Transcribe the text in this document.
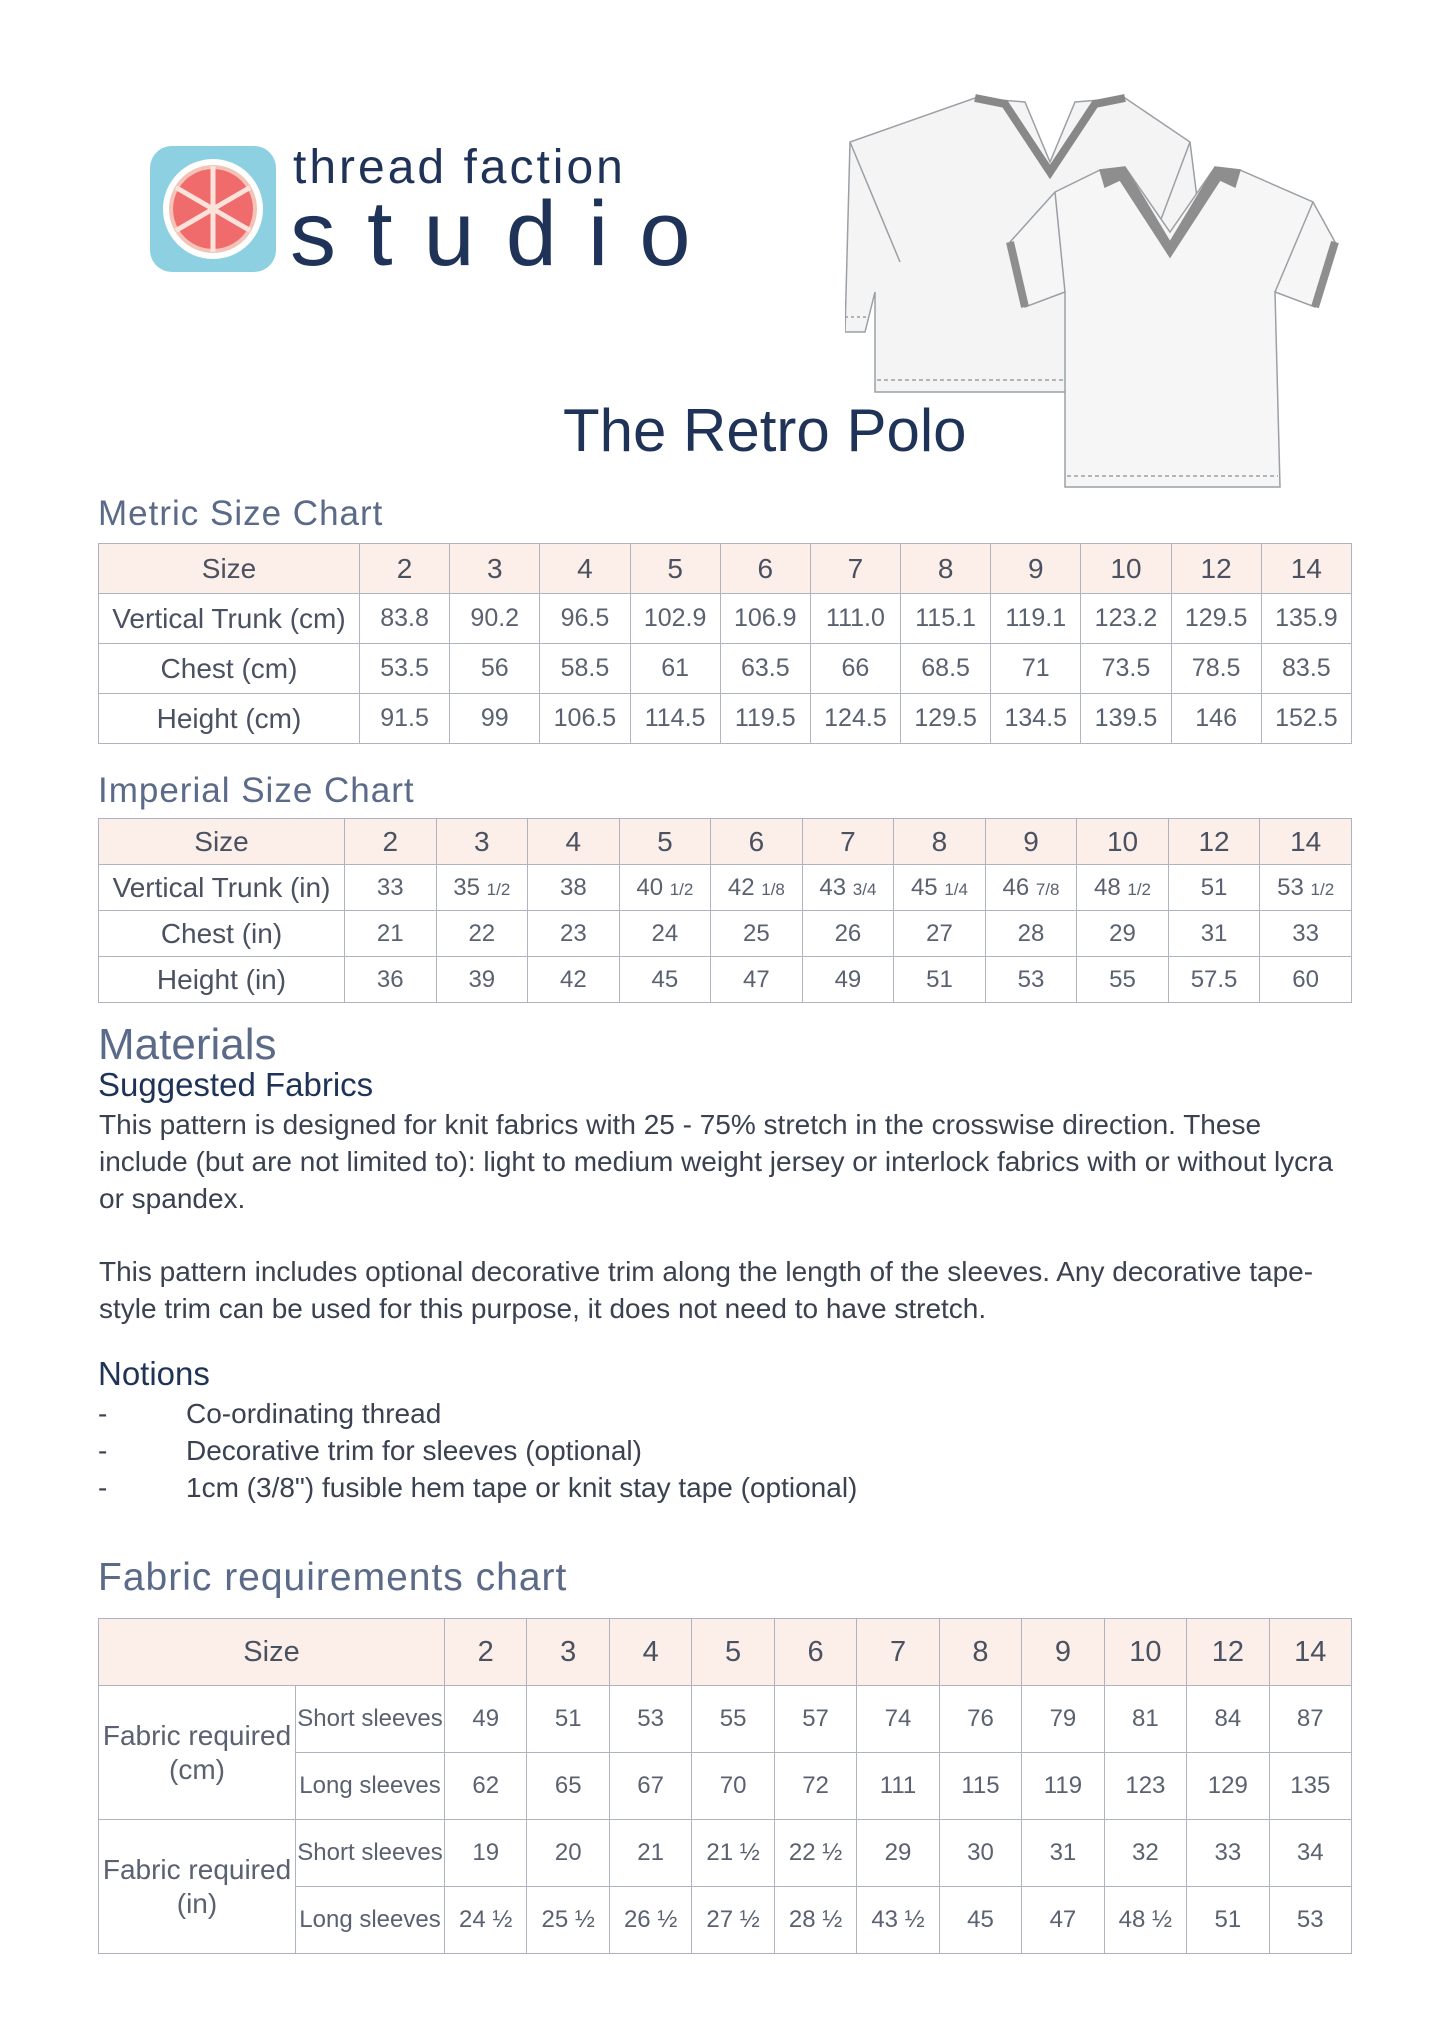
thread faction
studio
The Retro Polo
Metric Size Chart
Size	2	3	4	5	6	7	8	9	10	12	14
Vertical Trunk (cm)	83.8	90.2	96.5	102.9	106.9	111.0	115.1	119.1	123.2	129.5	135.9
Chest (cm)	53.5	56	58.5	61	63.5	66	68.5	71	73.5	78.5	83.5
Height (cm)	91.5	99	106.5	114.5	119.5	124.5	129.5	134.5	139.5	146	152.5
Imperial Size Chart
Size	2	3	4	5	6	7	8	9	10	12	14
Vertical Trunk (in)	33	35 1/2	38	40 1/2	42 1/8	43 3/4	45 1/4	46 7/8	48 1/2	51	53 1/2
Chest (in)	21	22	23	24	25	26	27	28	29	31	33
Height (in)	36	39	42	45	47	49	51	53	55	57.5	60
Materials
Suggested Fabrics

This pattern is designed for knit fabrics with 25 - 75% stretch in the crosswise direction. These include (but are not limited to): light to medium weight jersey or interlock fabrics with or without lycra or spandex.

This pattern includes optional decorative trim along the length of the sleeves. Any decorative tape-style trim can be used for this purpose, it does not need to have stretch.

Notions
-	Co-ordinating thread
-	Decorative trim for sleeves (optional)
-	1cm (3/8") fusible hem tape or knit stay tape (optional)
Fabric requirements chart
Size		2	3	4	5	6	7	8	9	10	12	14
Fabric required (cm)	Short sleeves	49	51	53	55	57	74	76	79	81	84	87
	Long sleeves	62	65	67	70	72	111	115	119	123	129	135
Fabric required (in)	Short sleeves	19	20	21	21 ½	22 ½	29	30	31	32	33	34
	Long sleeves	24 ½	25 ½	26 ½	27 ½	28 ½	43 ½	45	47	48 ½	51	53
